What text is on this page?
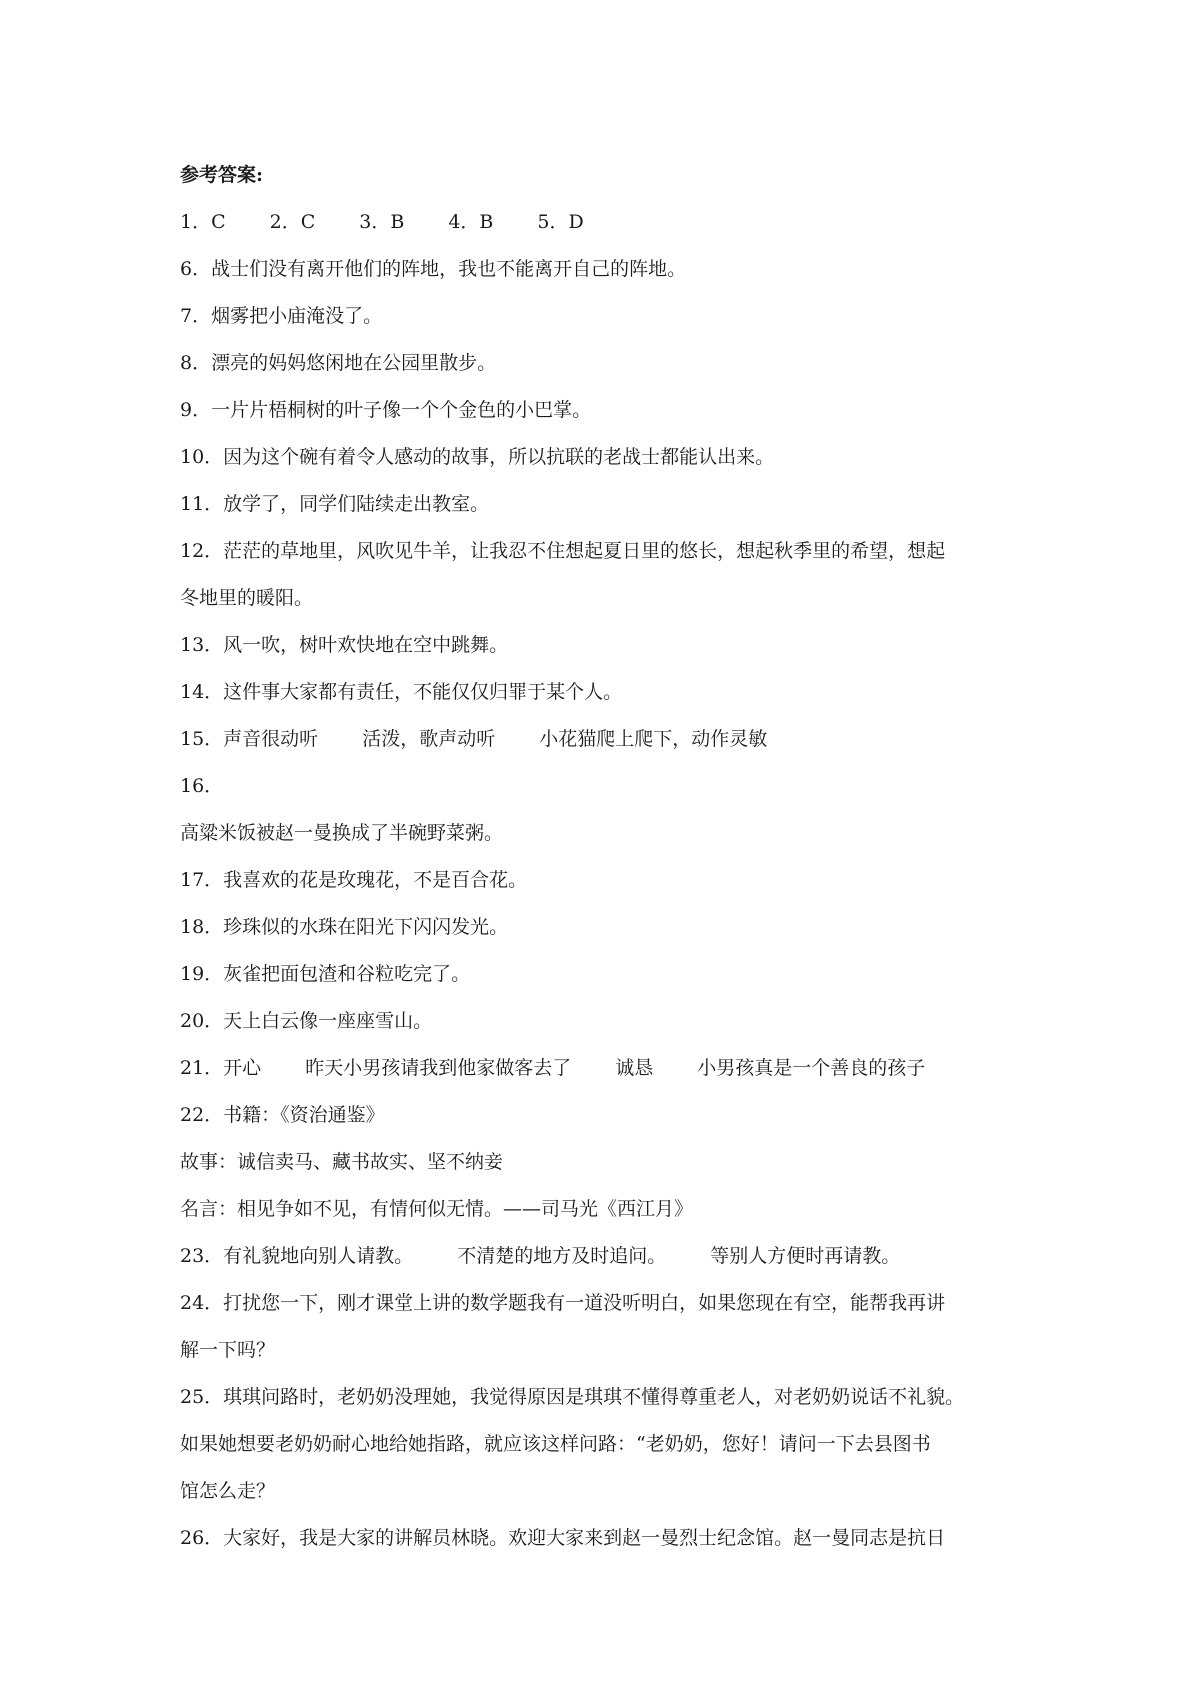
参考答案:
1．C 2．C 3．B 4．B 5．D
6．战士们没有离开他们的阵地，我也不能离开自己的阵地。
7．烟雾把小庙淹没了。
8．漂亮的妈妈悠闲地在公园里散步。
9．一片片梧桐树的叶子像一个个金色的小巴掌。
10．因为这个碗有着令人感动的故事，所以抗联的老战士都能认出来。
11．放学了，同学们陆续走出教室。
12．茫茫的草地里，风吹见牛羊，让我忍不住想起夏日里的悠长，想起秋季里的希望，想起
冬地里的暖阳。
13．风一吹，树叶欢快地在空中跳舞。
14．这件事大家都有责任，不能仅仅归罪于某个人。
15．声音很动听 活泼，歌声动听 小花猫爬上爬下，动作灵敏
16．
高粱米饭被赵一曼换成了半碗野菜粥。
17．我喜欢的花是玫瑰花，不是百合花。
18．珍珠似的水珠在阳光下闪闪发光。
19．灰雀把面包渣和谷粒吃完了。
20．天上白云像一座座雪山。
21．开心 昨天小男孩请我到他家做客去了 诚恳 小男孩真是一个善良的孩子
22．书籍：《资治通鉴》
故事：诚信卖马、藏书故实、坚不纳妾
名言：相见争如不见，有情何似无情。——司马光《西江月》
23．有礼貌地向别人请教。 不清楚的地方及时追问。 等别人方便时再请教。
24．打扰您一下，刚才课堂上讲的数学题我有一道没听明白，如果您现在有空，能帮我再讲
解一下吗？
25．琪琪问路时，老奶奶没理她，我觉得原因是琪琪不懂得尊重老人，对老奶奶说话不礼貌。
如果她想要老奶奶耐心地给她指路，就应该这样问路：“老奶奶，您好！请问一下去县图书
馆怎么走？
26．大家好，我是大家的讲解员林晓。欢迎大家来到赵一曼烈士纪念馆。赵一曼同志是抗日
